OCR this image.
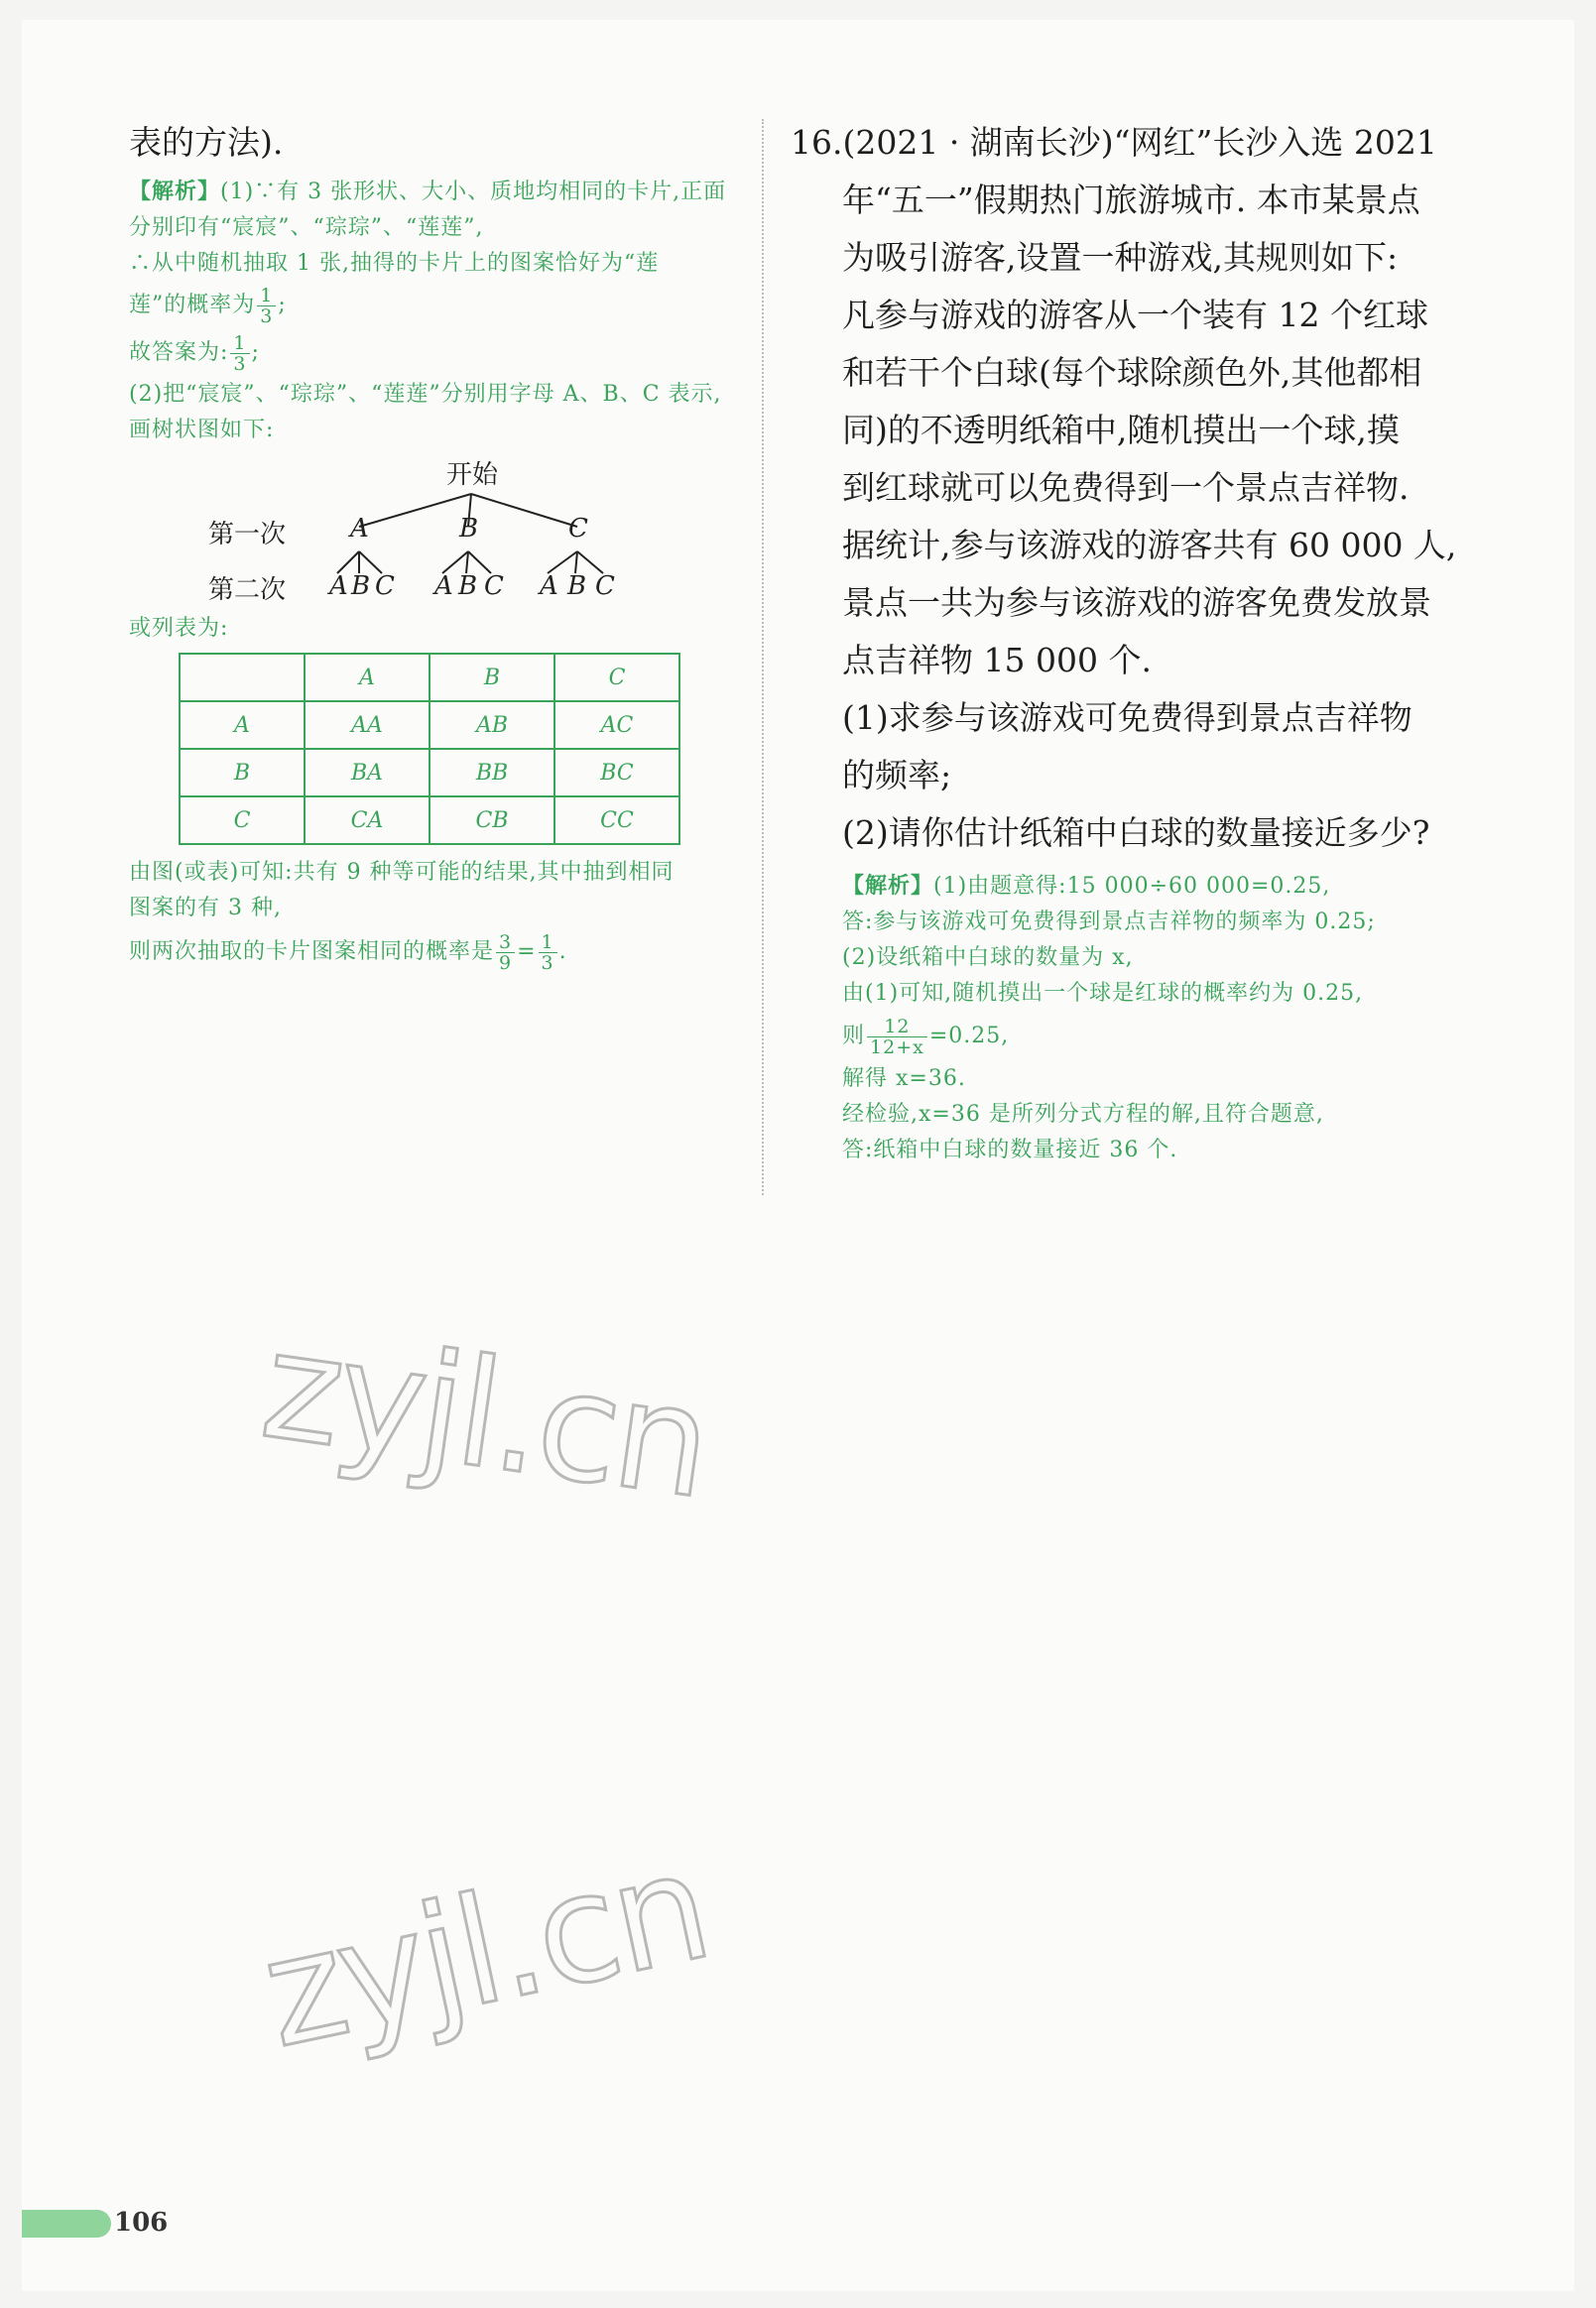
表的方法).

【解析】(1)∵有 3 张形状、大小、质地均相同的卡片,正面

分别印有“宸宸”、“琮琮”、“莲莲”,

∴从中随机抽取 1 张,抽得的卡片上的图案恰好为“莲

莲”的概率为 $\frac{1}{3}$ ;

故答案为: $\frac{1}{3}$ ;

(2)把“宸宸”、“琮琮”、“莲莲”分别用字母 A、B、C 表示,

画树状图如下:

开始
第一次
第二次
A	B	C
A B C A B C A B C

或列表为:

	A	B	C
A	AA	AB	AC
B	BA	BB	BC
C	CA	CB	CC

由图(或表)可知:共有 9 种等可能的结果,其中抽到相同

图案的有 3 种,

则两次抽取的卡片图案相同的概率是 $\frac{3}{9} = \frac{1}{3}$ .

16.(2021 · 湖南长沙)“网红”长沙入选 2021

年“五一”假期热门旅游城市. 本市某景点

为吸引游客,设置一种游戏,其规则如下:

凡参与游戏的游客从一个装有 12 个红球

和若干个白球(每个球除颜色外,其他都相

同)的不透明纸箱中,随机摸出一个球,摸

到红球就可以免费得到一个景点吉祥物.

据统计,参与该游戏的游客共有 60 000 人,

景点一共为参与该游戏的游客免费发放景

点吉祥物 15 000 个.

(1)求参与该游戏可免费得到景点吉祥物

的频率;

(2)请你估计纸箱中白球的数量接近多少?

【解析】(1)由题意得:15 000÷60 000=0.25,

答:参与该游戏可免费得到景点吉祥物的频率为 0.25;

(2)设纸箱中白球的数量为 x,

由(1)可知,随机摸出一个球是红球的概率约为 0.25,

则 $\frac{12}{12+x} =0.25$,

解得 x=36.

经检验,x=36 是所列分式方程的解,且符合题意,

答:纸箱中白球的数量接近 36 个.

zyjl.cn
zyjl.cn
106
